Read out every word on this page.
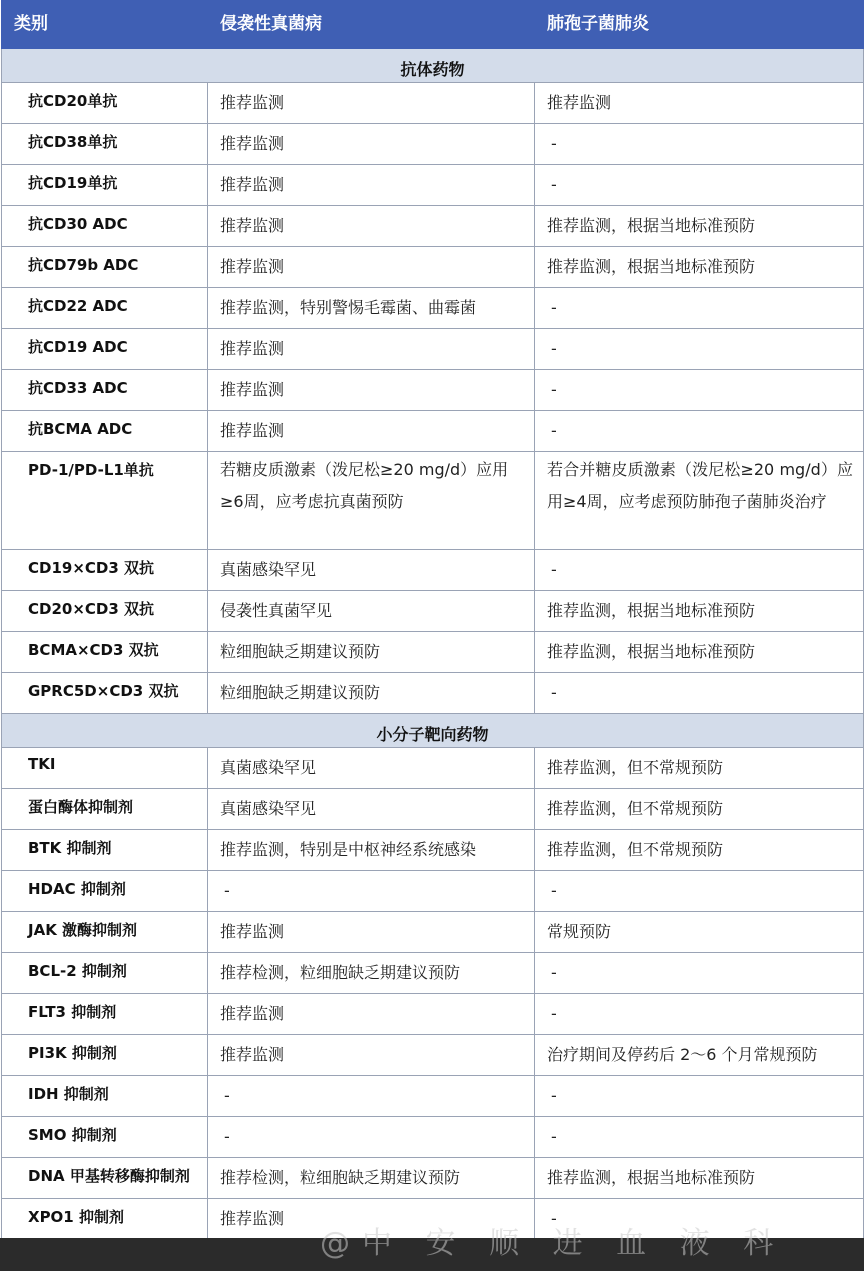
类别	侵袭性真菌病	肺孢子菌肺炎
抗体药物		
抗CD20单抗	推荐监测	推荐监测
抗CD38单抗	推荐监测	-
抗CD19单抗	推荐监测	-
抗CD30 ADC	推荐监测	推荐监测，根据当地标准预防
抗CD79b ADC	推荐监测	推荐监测，根据当地标准预防
抗CD22 ADC	推荐监测，特别警惕毛霉菌、曲霉菌	-
抗CD19 ADC	推荐监测	-
抗CD33 ADC	推荐监测	-
抗BCMA ADC	推荐监测	-
PD-1/PD-L1单抗	若糖皮质激素（泼尼松≥20 mg/d）应用≥6周，应考虑抗真菌预防	若合并糖皮质激素（泼尼松≥20 mg/d）应用≥4周，应考虑预防肺孢子菌肺炎治疗
CD19×CD3 双抗	真菌感染罕见	-
CD20×CD3 双抗	侵袭性真菌罕见	推荐监测，根据当地标准预防
BCMA×CD3 双抗	粒细胞缺乏期建议预防	推荐监测，根据当地标准预防
GPRC5D×CD3 双抗	粒细胞缺乏期建议预防	-
小分子靶向药物		
TKI	真菌感染罕见	推荐监测，但不常规预防
蛋白酶体抑制剂	真菌感染罕见	推荐监测，但不常规预防
BTK 抑制剂	推荐监测，特别是中枢神经系统感染	推荐监测，但不常规预防
HDAC 抑制剂	-	-
JAK 激酶抑制剂	推荐监测	常规预防
BCL-2 抑制剂	推荐检测，粒细胞缺乏期建议预防	-
FLT3 抑制剂	推荐监测	-
PI3K 抑制剂	推荐监测	治疗期间及停药后 2～6 个月常规预防
IDH 抑制剂	-	-
SMO 抑制剂	-	-
DNA 甲基转移酶抑制剂	推荐检测，粒细胞缺乏期建议预防	推荐监测，根据当地标准预防
XPO1 抑制剂	推荐监测	-
@中 安 顺 进 血 液 科
